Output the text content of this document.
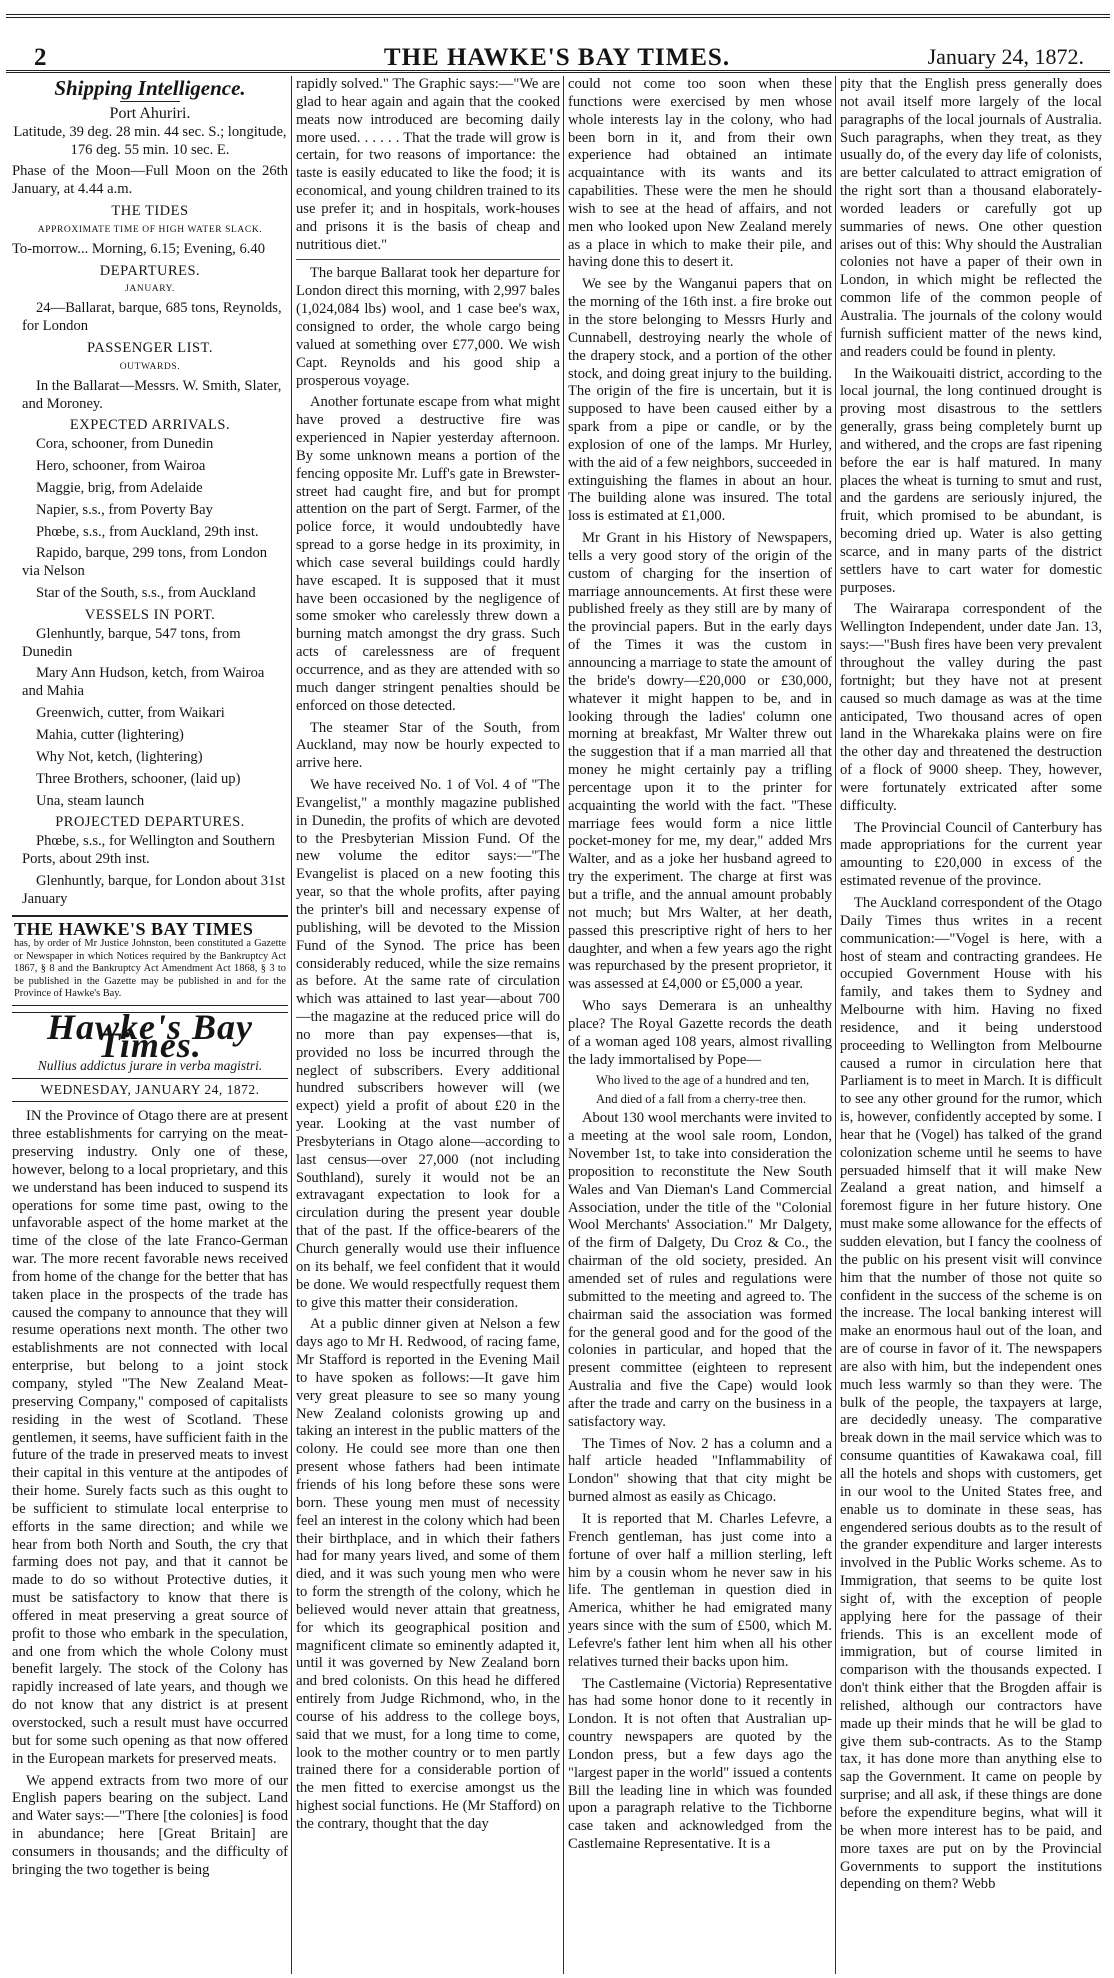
2	THE HAWKE'S BAY TIMES.	January 24, 1872.
Shipping Intelligence.
Port Ahuriri.

Latitude, 39 deg. 28 min. 44 sec. S.; longitude, 176 deg. 55 min. 10 sec. E.

Phase of the Moon—Full Moon on the 26th January, at 4.44 a.m.

THE TIDES
APPROXIMATE TIME OF HIGH WATER SLACK.

To-morrow... Morning, 6.15; Evening, 6.40

DEPARTURES.
JANUARY.

24—Ballarat, barque, 685 tons, Reynolds, for London

PASSENGER LIST.
OUTWARDS.

In the Ballarat—Messrs. W. Smith, Slater, and Moroney.

EXPECTED ARRIVALS.

Cora, schooner, from Dunedin

Hero, schooner, from Wairoa

Maggie, brig, from Adelaide

Napier, s.s., from Poverty Bay

Phœbe, s.s., from Auckland, 29th inst.

Rapido, barque, 299 tons, from London via Nelson

Star of the South, s.s., from Auckland

VESSELS IN PORT.

Glenhuntly, barque, 547 tons, from Dunedin

Mary Ann Hudson, ketch, from Wairoa and Mahia

Greenwich, cutter, from Waikari

Mahia, cutter (lightering)

Why Not, ketch, (lightering)

Three Brothers, schooner, (laid up)

Una, steam launch

PROJECTED DEPARTURES.

Phœbe, s.s., for Wellington and Southern Ports, about 29th inst.

Glenhuntly, barque, for London about 31st January

THE HAWKE'S BAY TIMES
has, by order of Mr Justice Johnston, been constituted a Gazette or Newspaper in which Notices required by the Bankruptcy Act 1867, § 8 and the Bankruptcy Act Amendment Act 1868, § 3 to be published in the Gazette may be published in and for the Province of Hawke's Bay.
Hawke's Bay Times.
Nullius addictus jurare in verba magistri.
WEDNESDAY, JANUARY 24, 1872.

IN the Province of Otago there are at present three establishments for carrying on the meat-preserving industry. Only one of these, however, belong to a local proprietary, and this we understand has been induced to suspend its operations for some time past, owing to the unfavorable aspect of the home market at the time of the close of the late Franco-German war. The more recent favorable news received from home of the change for the better that has taken place in the prospects of the trade has caused the company to announce that they will resume operations next month. The other two establishments are not connected with local enterprise, but belong to a joint stock company, styled "The New Zealand Meat-preserving Company," composed of capitalists residing in the west of Scotland. These gentlemen, it seems, have sufficient faith in the future of the trade in preserved meats to invest their capital in this venture at the antipodes of their home. Surely facts such as this ought to be sufficient to stimulate local enterprise to efforts in the same direction; and while we hear from both North and South, the cry that farming does not pay, and that it cannot be made to do so without Protective duties, it must be satisfactory to know that there is offered in meat preserving a great source of profit to those who embark in the speculation, and one from which the whole Colony must benefit largely. The stock of the Colony has rapidly increased of late years, and though we do not know that any district is at present overstocked, such a result must have occurred but for some such opening as that now offered in the European markets for preserved meats.

We append extracts from two more of our English papers bearing on the subject. Land and Water says:—"There [the colonies] is food in abundance; here [Great Britain] are consumers in thousands; and the difficulty of bringing the two together is being

rapidly solved." The Graphic says:—"We are glad to hear again and again that the cooked meats now introduced are becoming daily more used. . . . . . That the trade will grow is certain, for two reasons of importance: the taste is easily educated to like the food; it is economical, and young children trained to its use prefer it; and in hospitals, work-houses and prisons it is the basis of cheap and nutritious diet."

The barque Ballarat took her departure for London direct this morning, with 2,997 bales (1,024,084 lbs) wool, and 1 case bee's wax, consigned to order, the whole cargo being valued at something over £77,000. We wish Capt. Reynolds and his good ship a prosperous voyage.

Another fortunate escape from what might have proved a destructive fire was experienced in Napier yesterday afternoon. By some unknown means a portion of the fencing opposite Mr. Luff's gate in Brewster-street had caught fire, and but for prompt attention on the part of Sergt. Farmer, of the police force, it would undoubtedly have spread to a gorse hedge in its proximity, in which case several buildings could hardly have escaped. It is supposed that it must have been occasioned by the negligence of some smoker who carelessly threw down a burning match amongst the dry grass. Such acts of carelessness are of frequent occurrence, and as they are attended with so much danger stringent penalties should be enforced on those detected.

The steamer Star of the South, from Auckland, may now be hourly expected to arrive here.

We have received No. 1 of Vol. 4 of "The Evangelist," a monthly magazine published in Dunedin, the profits of which are devoted to the Presbyterian Mission Fund. Of the new volume the editor says:—"The Evangelist is placed on a new footing this year, so that the whole profits, after paying the printer's bill and necessary expense of publishing, will be devoted to the Mission Fund of the Synod. The price has been considerably reduced, while the size remains as before. At the same rate of circulation which was attained to last year—about 700—the magazine at the reduced price will do no more than pay expenses—that is, provided no loss be incurred through the neglect of subscribers. Every additional hundred subscribers however will (we expect) yield a profit of about £20 in the year. Looking at the vast number of Presbyterians in Otago alone—according to last census—over 27,000 (not including Southland), surely it would not be an extravagant expectation to look for a circulation during the present year double that of the past. If the office-bearers of the Church generally would use their influence on its behalf, we feel confident that it would be done. We would respectfully request them to give this matter their consideration.

At a public dinner given at Nelson a few days ago to Mr H. Redwood, of racing fame, Mr Stafford is reported in the Evening Mail to have spoken as follows:—It gave him very great pleasure to see so many young New Zealand colonists growing up and taking an interest in the public matters of the colony. He could see more than one then present whose fathers had been intimate friends of his long before these sons were born. These young men must of necessity feel an interest in the colony which had been their birthplace, and in which their fathers had for many years lived, and some of them died, and it was such young men who were to form the strength of the colony, which he believed would never attain that greatness, for which its geographical position and magnificent climate so eminently adapted it, until it was governed by New Zealand born and bred colonists. On this head he differed entirely from Judge Richmond, who, in the course of his address to the college boys, said that we must, for a long time to come, look to the mother country or to men partly trained there for a considerable portion of the men fitted to exercise amongst us the highest social functions. He (Mr Stafford) on the contrary, thought that the day

could not come too soon when these functions were exercised by men whose whole interests lay in the colony, who had been born in it, and from their own experience had obtained an intimate acquaintance with its wants and its capabilities. These were the men he should wish to see at the head of affairs, and not men who looked upon New Zealand merely as a place in which to make their pile, and having done this to desert it.

We see by the Wanganui papers that on the morning of the 16th inst. a fire broke out in the store belonging to Messrs Hurly and Cunnabell, destroying nearly the whole of the drapery stock, and a portion of the other stock, and doing great injury to the building. The origin of the fire is uncertain, but it is supposed to have been caused either by a spark from a pipe or candle, or by the explosion of one of the lamps. Mr Hurley, with the aid of a few neighbors, succeeded in extinguishing the flames in about an hour. The building alone was insured. The total loss is estimated at £1,000.

Mr Grant in his History of Newspapers, tells a very good story of the origin of the custom of charging for the insertion of marriage announcements. At first these were published freely as they still are by many of the provincial papers. But in the early days of the Times it was the custom in announcing a marriage to state the amount of the bride's dowry—£20,000 or £30,000, whatever it might happen to be, and in looking through the ladies' column one morning at breakfast, Mr Walter threw out the suggestion that if a man married all that money he might certainly pay a trifling percentage upon it to the printer for acquainting the world with the fact. "These marriage fees would form a nice little pocket-money for me, my dear," added Mrs Walter, and as a joke her husband agreed to try the experiment. The charge at first was but a trifle, and the annual amount probably not much; but Mrs Walter, at her death, passed this prescriptive right of hers to her daughter, and when a few years ago the right was repurchased by the present proprietor, it was assessed at £4,000 or £5,000 a year.

Who says Demerara is an unhealthy place? The Royal Gazette records the death of a woman aged 108 years, almost rivalling the lady immortalised by Pope—

Who lived to the age of a hundred and ten,

And died of a fall from a cherry-tree then.

About 130 wool merchants were invited to a meeting at the wool sale room, London, November 1st, to take into consideration the proposition to reconstitute the New South Wales and Van Dieman's Land Commercial Association, under the title of the "Colonial Wool Merchants' Association." Mr Dalgety, of the firm of Dalgety, Du Croz & Co., the chairman of the old society, presided. An amended set of rules and regulations were submitted to the meeting and agreed to. The chairman said the association was formed for the general good and for the good of the colonies in particular, and hoped that the present committee (eighteen to represent Australia and five the Cape) would look after the trade and carry on the business in a satisfactory way.

The Times of Nov. 2 has a column and a half article headed "Inflammability of London" showing that that city might be burned almost as easily as Chicago.

It is reported that M. Charles Lefevre, a French gentleman, has just come into a fortune of over half a million sterling, left him by a cousin whom he never saw in his life. The gentleman in question died in America, whither he had emigrated many years since with the sum of £500, which M. Lefevre's father lent him when all his other relatives turned their backs upon him.

The Castlemaine (Victoria) Representative has had some honor done to it recently in London. It is not often that Australian up-country newspapers are quoted by the London press, but a few days ago the "largest paper in the world" issued a contents Bill the leading line in which was founded upon a paragraph relative to the Tichborne case taken and acknowledged from the Castlemaine Representative. It is a

pity that the English press generally does not avail itself more largely of the local paragraphs of the local journals of Australia. Such paragraphs, when they treat, as they usually do, of the every day life of colonists, are better calculated to attract emigration of the right sort than a thousand elaborately-worded leaders or carefully got up summaries of news. One other question arises out of this: Why should the Australian colonies not have a paper of their own in London, in which might be reflected the common life of the common people of Australia. The journals of the colony would furnish sufficient matter of the news kind, and readers could be found in plenty.

In the Waikouaiti district, according to the local journal, the long continued drought is proving most disastrous to the settlers generally, grass being completely burnt up and withered, and the crops are fast ripening before the ear is half matured. In many places the wheat is turning to smut and rust, and the gardens are seriously injured, the fruit, which promised to be abundant, is becoming dried up. Water is also getting scarce, and in many parts of the district settlers have to cart water for domestic purposes.

The Wairarapa correspondent of the Wellington Independent, under date Jan. 13, says:—"Bush fires have been very prevalent throughout the valley during the past fortnight; but they have not at present caused so much damage as was at the time anticipated, Two thousand acres of open land in the Wharekaka plains were on fire the other day and threatened the destruction of a flock of 9000 sheep. They, however, were fortunately extricated after some difficulty.

The Provincial Council of Canterbury has made appropriations for the current year amounting to £20,000 in excess of the estimated revenue of the province.

The Auckland correspondent of the Otago Daily Times thus writes in a recent communication:—"Vogel is here, with a host of steam and contracting grandees. He occupied Government House with his family, and takes them to Sydney and Melbourne with him. Having no fixed residence, and it being understood proceeding to Wellington from Melbourne caused a rumor in circulation here that Parliament is to meet in March. It is difficult to see any other ground for the rumor, which is, however, confidently accepted by some. I hear that he (Vogel) has talked of the grand colonization scheme until he seems to have persuaded himself that it will make New Zealand a great nation, and himself a foremost figure in her future history. One must make some allowance for the effects of sudden elevation, but I fancy the coolness of the public on his present visit will convince him that the number of those not quite so confident in the success of the scheme is on the increase. The local banking interest will make an enormous haul out of the loan, and are of course in favor of it. The newspapers are also with him, but the independent ones much less warmly so than they were. The bulk of the people, the taxpayers at large, are decidedly uneasy. The comparative break down in the mail service which was to consume quantities of Kawakawa coal, fill all the hotels and shops with customers, get in our wool to the United States free, and enable us to dominate in these seas, has engendered serious doubts as to the result of the grander expenditure and larger interests involved in the Public Works scheme. As to Immigration, that seems to be quite lost sight of, with the exception of people applying here for the passage of their friends. This is an excellent mode of immigration, but of course limited in comparison with the thousands expected. I don't think either that the Brogden affair is relished, although our contractors have made up their minds that he will be glad to give them sub-contracts. As to the Stamp tax, it has done more than anything else to sap the Government. It came on people by surprise; and all ask, if these things are done before the expenditure begins, what will it be when more interest has to be paid, and more taxes are put on by the Provincial Governments to support the institutions depending on them? Webb
